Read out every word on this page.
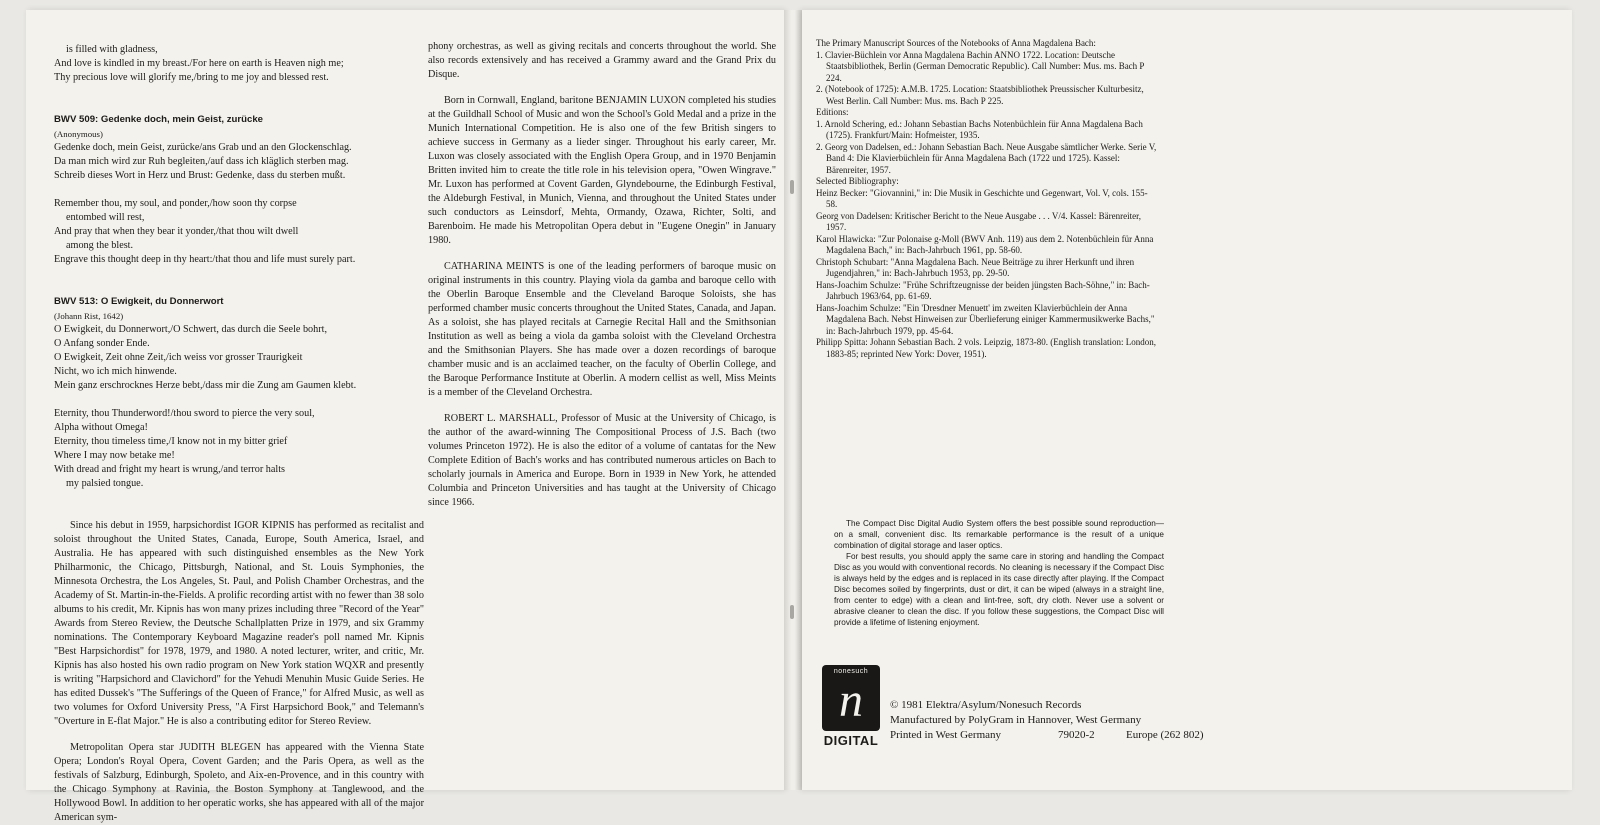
is filled with gladness,

And love is kindled in my breast./For here on earth is Heaven nigh me;

Thy precious love will glorify me,/bring to me joy and blessed rest.

BWV 509: Gedenke doch, mein Geist, zurücke

(Anonymous)

Gedenke doch, mein Geist, zurücke/ans Grab und an den Glockenschlag.

Da man mich wird zur Ruh begleiten,/auf dass ich kläglich sterben mag.

Schreib dieses Wort in Herz und Brust: Gedenke, dass du sterben mußt.

Remember thou, my soul, and ponder,/how soon thy corpse

entombed will rest,

And pray that when they bear it yonder,/that thou wilt dwell

among the blest.

Engrave this thought deep in thy heart:/that thou and life must surely part.

BWV 513: O Ewigkeit, du Donnerwort

(Johann Rist, 1642)

O Ewigkeit, du Donnerwort,/O Schwert, das durch die Seele bohrt,

O Anfang sonder Ende.

O Ewigkeit, Zeit ohne Zeit,/ich weiss vor grosser Traurigkeit

Nicht, wo ich mich hinwende.

Mein ganz erschrocknes Herze bebt,/dass mir die Zung am Gaumen klebt.

Eternity, thou Thunderword!/thou sword to pierce the very soul,

Alpha without Omega!

Eternity, thou timeless time,/I know not in my bitter grief

Where I may now betake me!

With dread and fright my heart is wrung,/and terror halts

my palsied tongue.

Since his debut in 1959, harpsichordist IGOR KIPNIS has performed as recitalist and soloist throughout the United States, Canada, Europe, South America, Israel, and Australia. He has appeared with such distinguished ensembles as the New York Philharmonic, the Chicago, Pittsburgh, National, and St. Louis Symphonies, the Minnesota Orchestra, the Los Angeles, St. Paul, and Polish Chamber Orchestras, and the Academy of St. Martin-in-the-Fields. A prolific recording artist with no fewer than 38 solo albums to his credit, Mr. Kipnis has won many prizes including three "Record of the Year" Awards from Stereo Review, the Deutsche Schallplatten Prize in 1979, and six Grammy nominations. The Contemporary Keyboard Magazine reader's poll named Mr. Kipnis "Best Harpsichordist" for 1978, 1979, and 1980. A noted lecturer, writer, and critic, Mr. Kipnis has also hosted his own radio program on New York station WQXR and presently is writing "Harpsichord and Clavichord" for the Yehudi Menuhin Music Guide Series. He has edited Dussek's "The Sufferings of the Queen of France," for Alfred Music, as well as two volumes for Oxford University Press, "A First Harpsichord Book," and Telemann's "Overture in E-flat Major." He is also a contributing editor for Stereo Review.

Metropolitan Opera star JUDITH BLEGEN has appeared with the Vienna State Opera; London's Royal Opera, Covent Garden; and the Paris Opera, as well as the festivals of Salzburg, Edinburgh, Spoleto, and Aix-en-Provence, and in this country with the Chicago Symphony at Ravinia, the Boston Symphony at Tanglewood, and the Hollywood Bowl. In addition to her operatic works, she has appeared with all of the major American sym-

phony orchestras, as well as giving recitals and concerts throughout the world. She also records extensively and has received a Grammy award and the Grand Prix du Disque.

Born in Cornwall, England, baritone BENJAMIN LUXON completed his studies at the Guildhall School of Music and won the School's Gold Medal and a prize in the Munich International Competition. He is also one of the few British singers to achieve success in Germany as a lieder singer. Throughout his early career, Mr. Luxon was closely associated with the English Opera Group, and in 1970 Benjamin Britten invited him to create the title role in his television opera, "Owen Wingrave." Mr. Luxon has performed at Covent Garden, Glyndebourne, the Edinburgh Festival, the Aldeburgh Festival, in Munich, Vienna, and throughout the United States under such conductors as Leinsdorf, Mehta, Ormandy, Ozawa, Richter, Solti, and Barenboim. He made his Metropolitan Opera debut in "Eugene Onegin" in January 1980.

CATHARINA MEINTS is one of the leading performers of baroque music on original instruments in this country. Playing viola da gamba and baroque cello with the Oberlin Baroque Ensemble and the Cleveland Baroque Soloists, she has performed chamber music concerts throughout the United States, Canada, and Japan. As a soloist, she has played recitals at Carnegie Recital Hall and the Smithsonian Institution as well as being a viola da gamba soloist with the Cleveland Orchestra and the Smithsonian Players. She has made over a dozen recordings of baroque chamber music and is an acclaimed teacher, on the faculty of Oberlin College, and the Baroque Performance Institute at Oberlin. A modern cellist as well, Miss Meints is a member of the Cleveland Orchestra.

ROBERT L. MARSHALL, Professor of Music at the University of Chicago, is the author of the award-winning The Compositional Process of J.S. Bach (two volumes Princeton 1972). He is also the editor of a volume of cantatas for the New Complete Edition of Bach's works and has contributed numerous articles on Bach to scholarly journals in America and Europe. Born in 1939 in New York, he attended Columbia and Princeton Universities and has taught at the University of Chicago since 1966.

The Primary Manuscript Sources of the Notebooks of Anna Magdalena Bach:

1. Clavier-Büchlein vor Anna Magdalena Bachin ANNO 1722. Location: Deutsche Staatsbibliothek, Berlin (German Democratic Republic). Call Number: Mus. ms. Bach P 224.

2. (Notebook of 1725): A.M.B. 1725. Location: Staatsbibliothek Preussischer Kulturbesitz, West Berlin. Call Number: Mus. ms. Bach P 225.

Editions:

1. Arnold Schering, ed.: Johann Sebastian Bachs Notenbüchlein für Anna Magdalena Bach (1725). Frankfurt/Main: Hofmeister, 1935.

2. Georg von Dadelsen, ed.: Johann Sebastian Bach. Neue Ausgabe sämtlicher Werke. Serie V, Band 4: Die Klavierbüchlein für Anna Magdalena Bach (1722 und 1725). Kassel: Bärenreiter, 1957.

Selected Bibliography:

Heinz Becker: "Giovannini," in: Die Musik in Geschichte und Gegenwart, Vol. V, cols. 155-58.

Georg von Dadelsen: Kritischer Bericht to the Neue Ausgabe . . . V/4. Kassel: Bärenreiter, 1957.

Karol Hlawicka: "Zur Polonaise g-Moll (BWV Anh. 119) aus dem 2. Notenbüchlein für Anna Magdalena Bach," in: Bach-Jahrbuch 1961, pp. 58-60.

Christoph Schubart: "Anna Magdalena Bach. Neue Beiträge zu ihrer Herkunft und ihren Jugendjahren," in: Bach-Jahrbuch 1953, pp. 29-50.

Hans-Joachim Schulze: "Frühe Schriftzeugnisse der beiden jüngsten Bach-Söhne," in: Bach-Jahrbuch 1963/64, pp. 61-69.

Hans-Joachim Schulze: "Ein 'Dresdner Menuett' im zweiten Klavierbüchlein der Anna Magdalena Bach. Nebst Hinweisen zur Überlieferung einiger Kammermusikwerke Bachs," in: Bach-Jahrbuch 1979, pp. 45-64.

Philipp Spitta: Johann Sebastian Bach. 2 vols. Leipzig, 1873-80. (English translation: London, 1883-85; reprinted New York: Dover, 1951).

The Compact Disc Digital Audio System offers the best possible sound reproduction—on a small, convenient disc. Its remarkable performance is the result of a unique combination of digital storage and laser optics.

For best results, you should apply the same care in storing and handling the Compact Disc as you would with conventional records. No cleaning is necessary if the Compact Disc is always held by the edges and is replaced in its case directly after playing. If the Compact Disc becomes soiled by fingerprints, dust or dirt, it can be wiped (always in a straight line, from center to edge) with a clean and lint-free, soft, dry cloth. Never use a solvent or abrasive cleaner to clean the disc. If you follow these suggestions, the Compact Disc will provide a lifetime of listening enjoyment.

nonesuch
n
DIGITAL

© 1981 Elektra/Asylum/Nonesuch Records

Manufactured by PolyGram in Hannover, West Germany

Printed in West Germany	79020-2	Europe (262 802)
